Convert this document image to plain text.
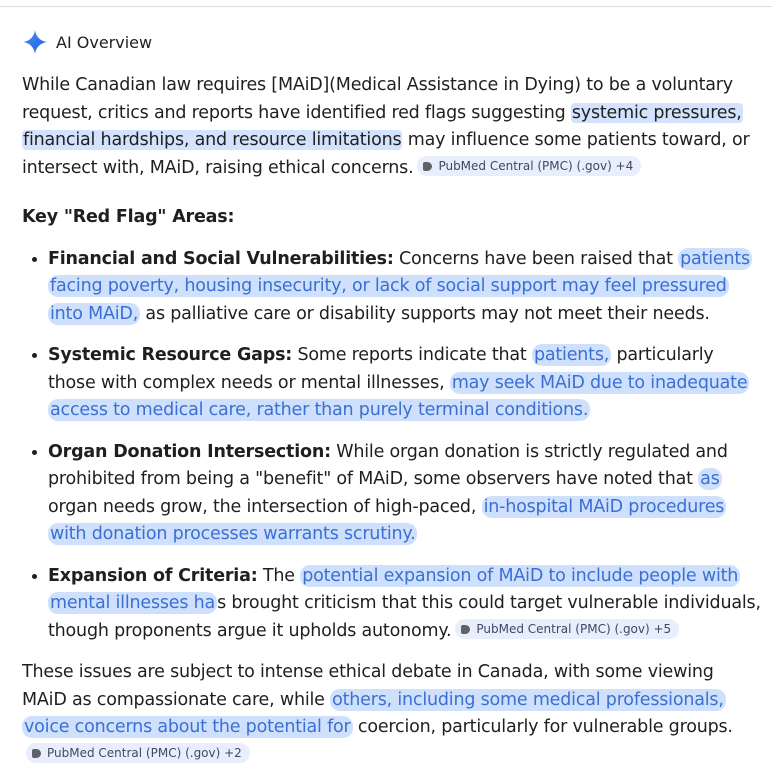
AI Overview

While Canadian law requires [MAiD](Medical Assistance in Dying) to be a voluntary request, critics and reports have identified red flags suggesting systemic pressures, financial hardships, and resource limitations may influence some patients toward, or intersect with, MAiD, raising ethical concerns. PubMed Central (PMC) (.gov) +4

Key "Red Flag" Areas:

• Financial and Social Vulnerabilities: Concerns have been raised that patients facing poverty, housing insecurity, or lack of social support may feel pressured into MAiD, as palliative care or disability supports may not meet their needs.
• Systemic Resource Gaps: Some reports indicate that patients, particularly those with complex needs or mental illnesses, may seek MAiD due to inadequate access to medical care, rather than purely terminal conditions.
• Organ Donation Intersection: While organ donation is strictly regulated and prohibited from being a "benefit" of MAiD, some observers have noted that as organ needs grow, the intersection of high-paced, in-hospital MAiD procedures with donation processes warrants scrutiny.
• Expansion of Criteria: The potential expansion of MAiD to include people with mental illnesses ha s brought criticism that this could target vulnerable individuals, though proponents argue it upholds autonomy. PubMed Central (PMC) (.gov) +5

These issues are subject to intense ethical debate in Canada, with some viewing MAiD as compassionate care, while others, including some medical professionals, voice concerns about the potential for coercion, particularly for vulnerable groups.
PubMed Central (PMC) (.gov) +2
